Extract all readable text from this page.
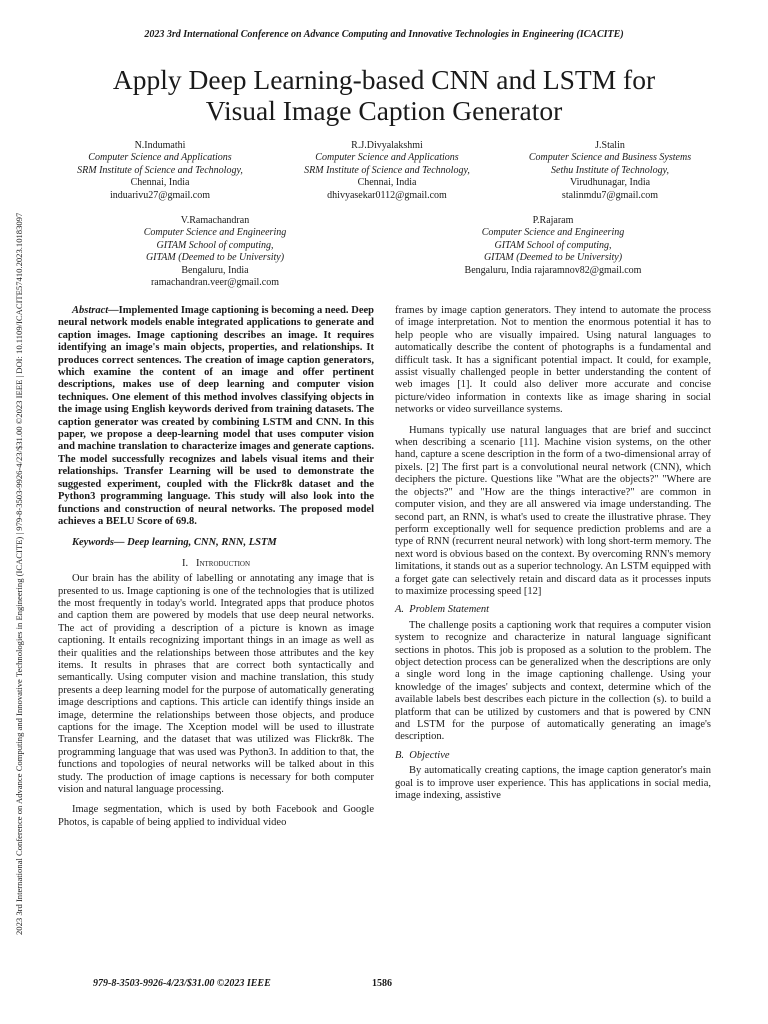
2023 3rd International Conference on Advance Computing and Innovative Technologies in Engineering (ICACITE)
2023 3rd International Conference on Advance Computing and Innovative Technologies in Engineering (ICACITE) | 979-8-3503-9926-4/23/$31.00 ©2023 IEEE | DOI: 10.1109/ICACITE57410.2023.10183097
Apply Deep Learning-based CNN and LSTM for
Visual Image Caption Generator
N.Indumathi
Computer Science and Applications
SRM Institute of Science and Technology,
Chennai, India
induarivu27@gmail.com
R.J.Divyalakshmi
Computer Science and Applications
SRM Institute of Science and Technology,
Chennai, India
dhivyasekar0112@gmail.com
J.Stalin
Computer Science and Business Systems
Sethu Institute of Technology,
Virudhunagar, India
stalinmdu7@gmail.com
V.Ramachandran
Computer Science and Engineering
GITAM School of computing,
GITAM (Deemed to be University)
Bengaluru, India
ramachandran.veer@gmail.com
P.Rajaram
Computer Science and Engineering
GITAM School of computing,
GITAM (Deemed to be University)
Bengaluru, India rajaramnov82@gmail.com

Abstract—Implemented Image captioning is becoming a need. Deep neural network models enable integrated applications to generate and caption images. Image captioning describes an image. It requires identifying an image's main objects, properties, and relationships. It produces correct sentences. The creation of image caption generators, which examine the content of an image and offer pertinent descriptions, makes use of deep learning and computer vision techniques. One element of this method involves classifying objects in the image using English keywords derived from training datasets. The caption generator was created by combining LSTM and CNN. In this paper, we propose a deep-learning model that uses computer vision and machine translation to characterize images and generate captions. The model successfully recognizes and labels visual items and their relationships. Transfer Learning will be used to demonstrate the suggested experiment, coupled with the Flickr8k dataset and the Python3 programming language. This study will also look into the functions and construction of neural networks. The proposed model achieves a BELU Score of 69.8.

Keywords— Deep learning, CNN, RNN, LSTM

I. Introduction

Our brain has the ability of labelling or annotating any image that is presented to us. Image captioning is one of the technologies that is utilized the most frequently in today's world. Integrated apps that produce photos and caption them are powered by models that use deep neural networks. The act of providing a description of a picture is known as image captioning. It entails recognizing important things in an image as well as their qualities and the relationships between those attributes and the key items. It results in phrases that are correct both syntactically and semantically. Using computer vision and machine translation, this study presents a deep learning model for the purpose of automatically generating image descriptions and captions. This article can identify things inside an image, determine the relationships between those objects, and produce captions for the image. The Xception model will be used to illustrate Transfer Learning, and the dataset that was utilized was Flickr8k. The programming language that was used was Python3. In addition to that, the functions and topologies of neural networks will be talked about in this study. The production of image captions is necessary for both computer vision and natural language processing.

Image segmentation, which is used by both Facebook and Google Photos, is capable of being applied to individual video

frames by image caption generators. They intend to automate the process of image interpretation. Not to mention the enormous potential it has to help people who are visually impaired. Using natural languages to automatically describe the content of photographs is a fundamental and difficult task. It has a significant potential impact. It could, for example, assist visually challenged people in better understanding the content of web images [1]. It could also deliver more accurate and concise picture/video information in contexts like as image sharing in social networks or video surveillance systems.

Humans typically use natural languages that are brief and succinct when describing a scenario [11]. Machine vision systems, on the other hand, capture a scene description in the form of a two-dimensional array of pixels. [2] The first part is a convolutional neural network (CNN), which deciphers the picture. Questions like "What are the objects?" "Where are the objects?" and "How are the things interactive?" are common in computer vision, and they are all answered via image understanding. The second part, an RNN, is what's used to create the illustrative phrase. They perform exceptionally well for sequence prediction problems and are a type of RNN (recurrent neural network) with long short-term memory. The next word is obvious based on the context. By overcoming RNN's memory limitations, it stands out as a superior technology. An LSTM equipped with a forget gate can selectively retain and discard data as it processes inputs to maximize processing speed [12]

A. Problem Statement

The challenge posits a captioning work that requires a computer vision system to recognize and characterize in natural language significant sections in photos. This job is proposed as a solution to the problem. The object detection process can be generalized when the descriptions are only a single word long in the image captioning challenge. Using your knowledge of the images' subjects and context, determine which of the available labels best describes each picture in the collection (s). to build a platform that can be utilized by customers and that is powered by CNN and LSTM for the purpose of automatically generating an image's description.

B. Objective

By automatically creating captions, the image caption generator's main goal is to improve user experience. This has applications in social media, image indexing, assistive

979-8-3503-9926-4/23/$31.00 ©2023 IEEE	1586
